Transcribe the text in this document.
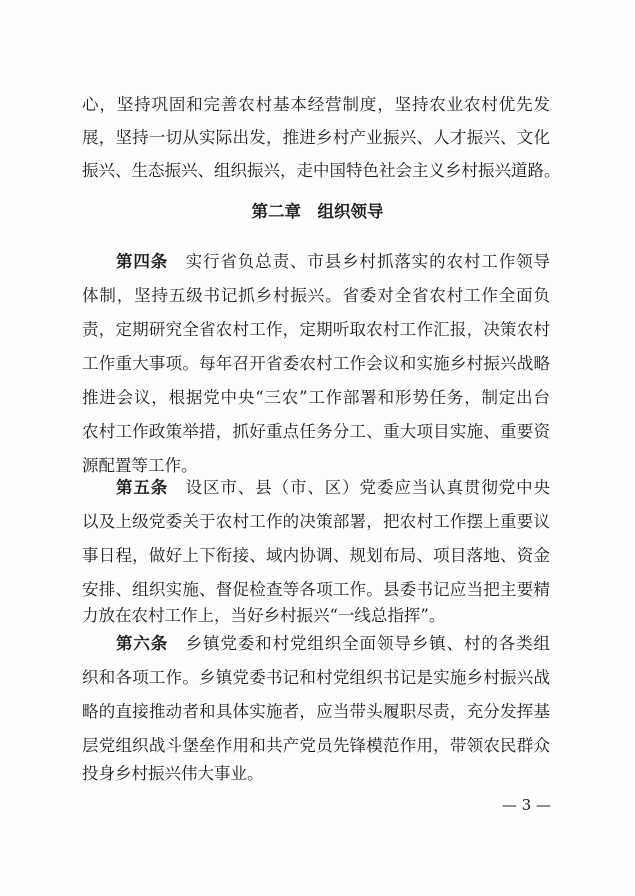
心，坚持巩固和完善农村基本经营制度，坚持农业农村优先发
展，坚持一切从实际出发，推进乡村产业振兴、人才振兴、文化
振兴、生态振兴、组织振兴，走中国特色社会主义乡村振兴道路。
第二章　组织领导
第四条　 实行省负总责、市县乡村抓落实的农村工作领导
体制，坚持五级书记抓乡村振兴。省委对全省农村工作全面负
责，定期研究全省农村工作，定期听取农村工作汇报，决策农村
工作重大事项。每年召开省委农村工作会议和实施乡村振兴战略
推进会议，根据党中央“三农”工作部署和形势任务，制定出台
农村工作政策举措，抓好重点任务分工、重大项目实施、重要资
源配置等工作。
第五条　 设区市、县（市、区）党委应当认真贯彻党中央
以及上级党委关于农村工作的决策部署，把农村工作摆上重要议
事日程，做好上下衔接、域内协调、规划布局、项目落地、资金
安排、组织实施、督促检查等各项工作。县委书记应当把主要精
力放在农村工作上，当好乡村振兴“一线总指挥”。
第六条　 乡镇党委和村党组织全面领导乡镇、村的各类组
织和各项工作。乡镇党委书记和村党组织书记是实施乡村振兴战
略的直接推动者和具体实施者，应当带头履职尽责，充分发挥基
层党组织战斗堡垒作用和共产党员先锋模范作用，带领农民群众
投身乡村振兴伟大事业。
— 3 —
